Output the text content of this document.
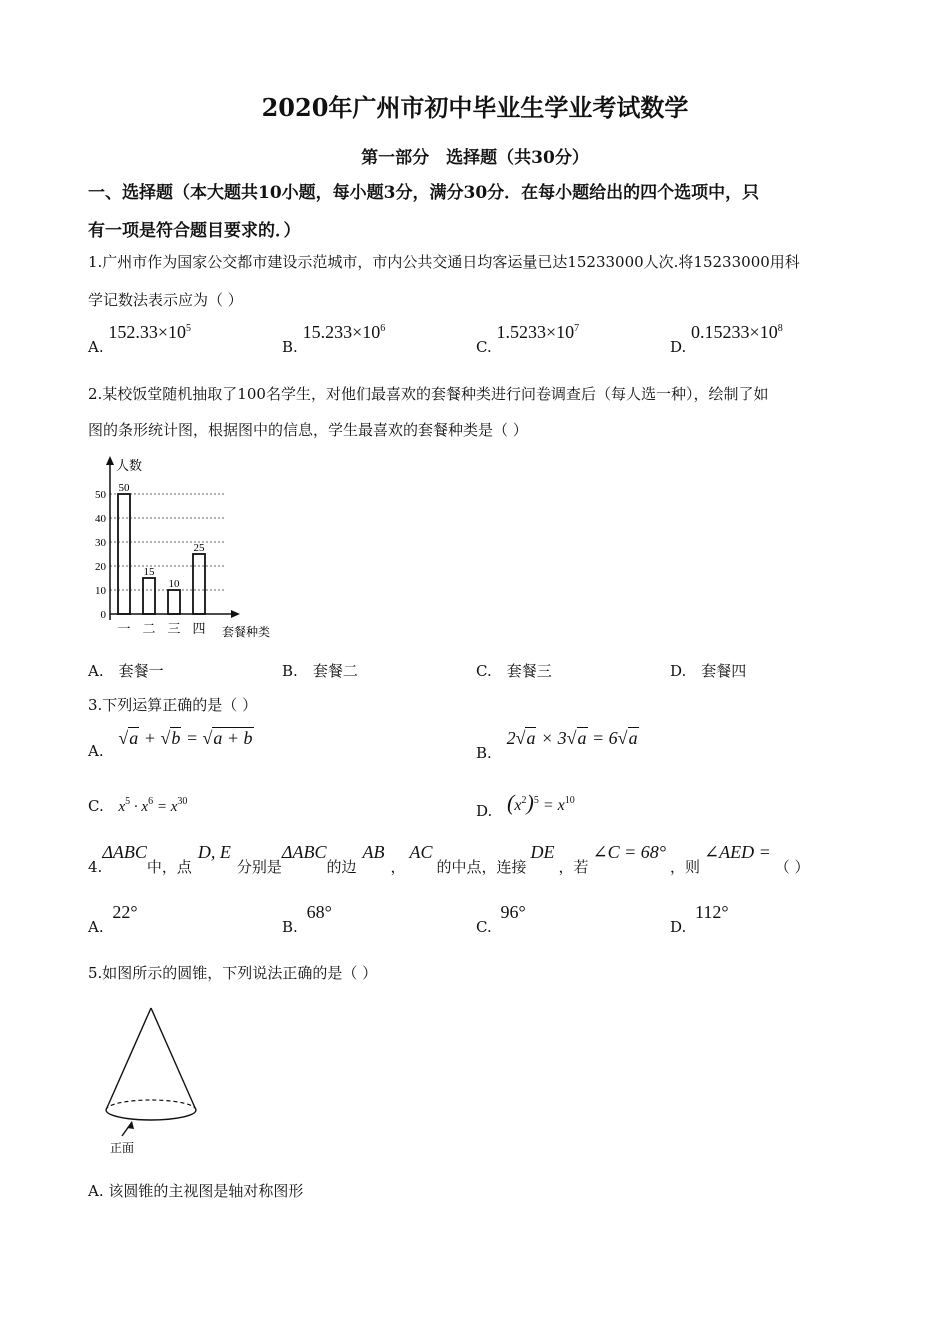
2020年广州市初中毕业生学业考试数学
第一部分　选择题（共30分）
一、选择题（本大题共10小题，每小题3分，满分30分．在每小题给出的四个选项中，只
有一项是符合题目要求的．）
1.广州市作为国家公交都市建设示范城市，市内公共交通日均客运量已达15233000人次.将15233000用科
学记数法表示应为（ ）
A. $152.33\times 10^5$
B. $15.233\times 10^6$
C. $1.5233\times 10^7$
D. $0.15233\times 10^8$
2.某校饭堂随机抽取了100名学生，对他们最喜欢的套餐种类进行问卷调查后（每人选一种），绘制了如
图的条形统计图，根据图中的信息，学生最喜欢的套餐种类是（ ）
0
10
20
30
40
50
50
15
10
25
一 二 三 四
人数
套餐种类
A.　 套餐一	B.　 套餐二	C.　 套餐三	D.　 套餐四
3.下列运算正确的是（ ）
A. √a + √b = √a + b
B. 2√a × 3√a = 6√a
C. $x^5 \cdot x^6 = x^{30}$
D. $(x^2)^5 = x^{10}$
4.ΔABC中，点D, E分别是ΔABC的边AB，AC的中点，连接DE，若∠C = 68°，则∠AED =（ ）
A. 22°
B. 68°
C. 96°
D. 112°
5.如图所示的圆锥，下列说法正确的是（ ）
正面
A. 该圆锥的主视图是轴对称图形
